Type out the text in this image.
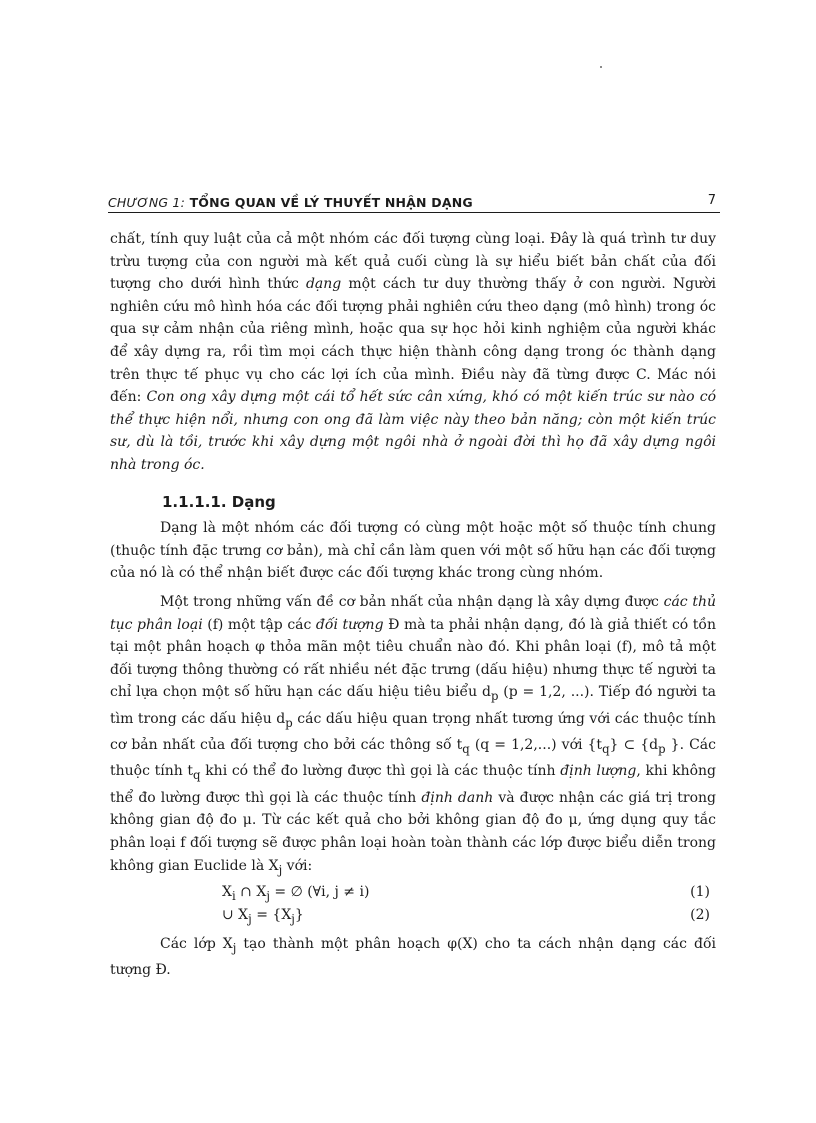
CHƯƠNG 1: TỔNG QUAN VỀ LÝ THUYẾT NHẬN DẠNG	7

chất, tính quy luật của cả một nhóm các đối tượng cùng loại. Đây là quá trình tư duy trừu tượng của con người mà kết quả cuối cùng là sự hiểu biết bản chất của đối tượng cho dưới hình thức dạng một cách tư duy thường thấy ở con người. Người nghiên cứu mô hình hóa các đối tượng phải nghiên cứu theo dạng (mô hình) trong óc qua sự cảm nhận của riêng mình, hoặc qua sự học hỏi kinh nghiệm của người khác để xây dựng ra, rồi tìm mọi cách thực hiện thành công dạng trong óc thành dạng trên thực tế phục vụ cho các lợi ích của mình. Điều này đã từng được C. Mác nói đến: Con ong xây dựng một cái tổ hết sức cân xứng, khó có một kiến trúc sư nào có thể thực hiện nổi, nhưng con ong đã làm việc này theo bản năng; còn một kiến trúc sư, dù là tồi, trước khi xây dựng một ngôi nhà ở ngoài đời thì họ đã xây dựng ngôi nhà trong óc.

1.1.1.1. Dạng

Dạng là một nhóm các đối tượng có cùng một hoặc một số thuộc tính chung (thuộc tính đặc trưng cơ bản), mà chỉ cần làm quen với một số hữu hạn các đối tượng của nó là có thể nhận biết được các đối tượng khác trong cùng nhóm.

Một trong những vấn đề cơ bản nhất của nhận dạng là xây dựng được các thủ tục phân loại (f) một tập các đối tượng Đ mà ta phải nhận dạng, đó là giả thiết có tồn tại một phân hoạch φ thỏa mãn một tiêu chuẩn nào đó. Khi phân loại (f), mô tả một đối tượng thông thường có rất nhiều nét đặc trưng (dấu hiệu) nhưng thực tế người ta chỉ lựa chọn một số hữu hạn các dấu hiệu tiêu biểu $d_p$ (p = 1,2, ...). Tiếp đó người ta tìm trong các dấu hiệu $d_p$ các dấu hiệu quan trọng nhất tương ứng với các thuộc tính cơ bản nhất của đối tượng cho bởi các thông số $t_q$ (q = 1,2,...) với $\{t_q\}$ ⊂ {$d_p$ }. Các thuộc tính $t_q$ khi có thể đo lường được thì gọi là các thuộc tính định lượng, khi không thể đo lường được thì gọi là các thuộc tính định danh và được nhận các giá trị trong không gian độ đo μ. Từ các kết quả cho bởi không gian độ đo μ, ứng dụng quy tắc phân loại f đối tượng sẽ được phân loại hoàn toàn thành các lớp được biểu diễn trong không gian Euclide là $X_j$ với:

$X_i$ ∩ $X_j$ = ∅ (∀i, j ≠ i)	(1)
∪ $X_j = \{X_j\}$	(2)

Các lớp $X_j$ tạo thành một phân hoạch φ(X) cho ta cách nhận dạng các đối tượng Đ.
